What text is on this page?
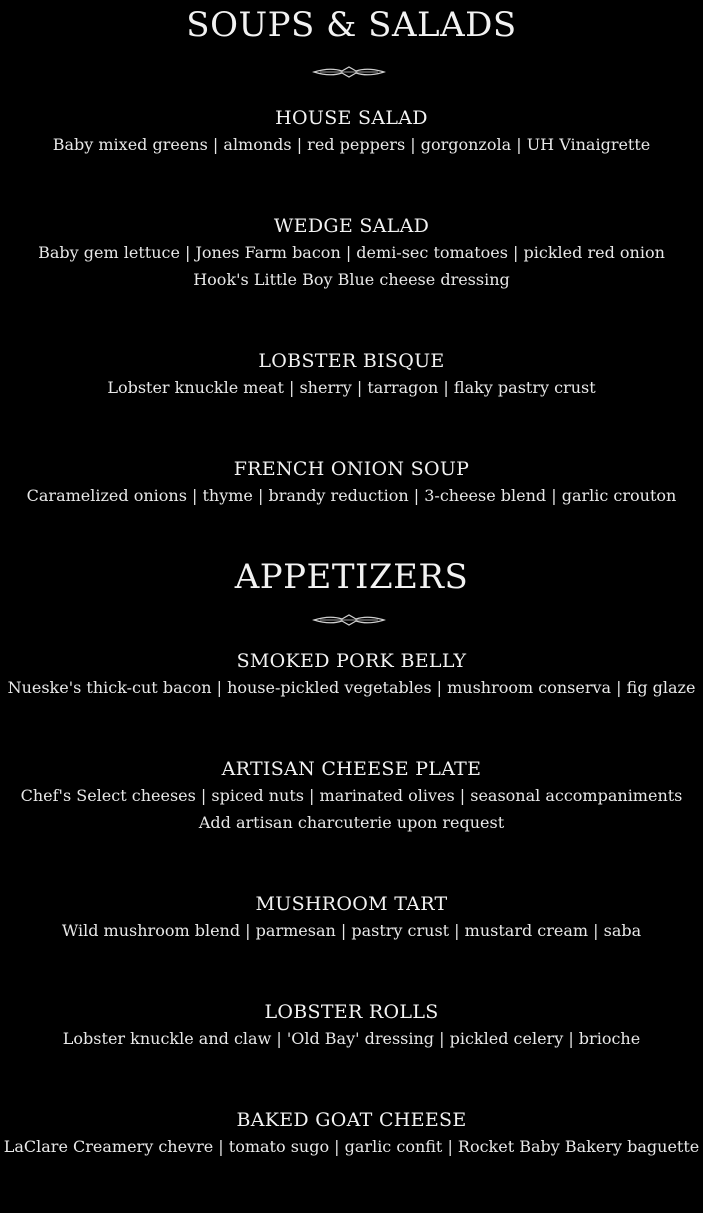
SOUPS & SALADS

HOUSE SALAD

Baby mixed greens | almonds | red peppers | gorgonzola | UH Vinaigrette

WEDGE SALAD

Baby gem lettuce | Jones Farm bacon | demi-sec tomatoes | pickled red onion

Hook's Little Boy Blue cheese dressing

LOBSTER BISQUE

Lobster knuckle meat | sherry | tarragon | flaky pastry crust

FRENCH ONION SOUP

Caramelized onions | thyme | brandy reduction | 3-cheese blend | garlic crouton

APPETIZERS

SMOKED PORK BELLY

Nueske's thick-cut bacon | house-pickled vegetables | mushroom conserva | fig glaze

ARTISAN CHEESE PLATE

Chef's Select cheeses | spiced nuts | marinated olives | seasonal accompaniments

Add artisan charcuterie upon request

MUSHROOM TART

Wild mushroom blend | parmesan | pastry crust | mustard cream | saba

LOBSTER ROLLS

Lobster knuckle and claw | 'Old Bay' dressing | pickled celery | brioche

BAKED GOAT CHEESE

LaClare Creamery chevre | tomato sugo | garlic confit | Rocket Baby Bakery baguette
